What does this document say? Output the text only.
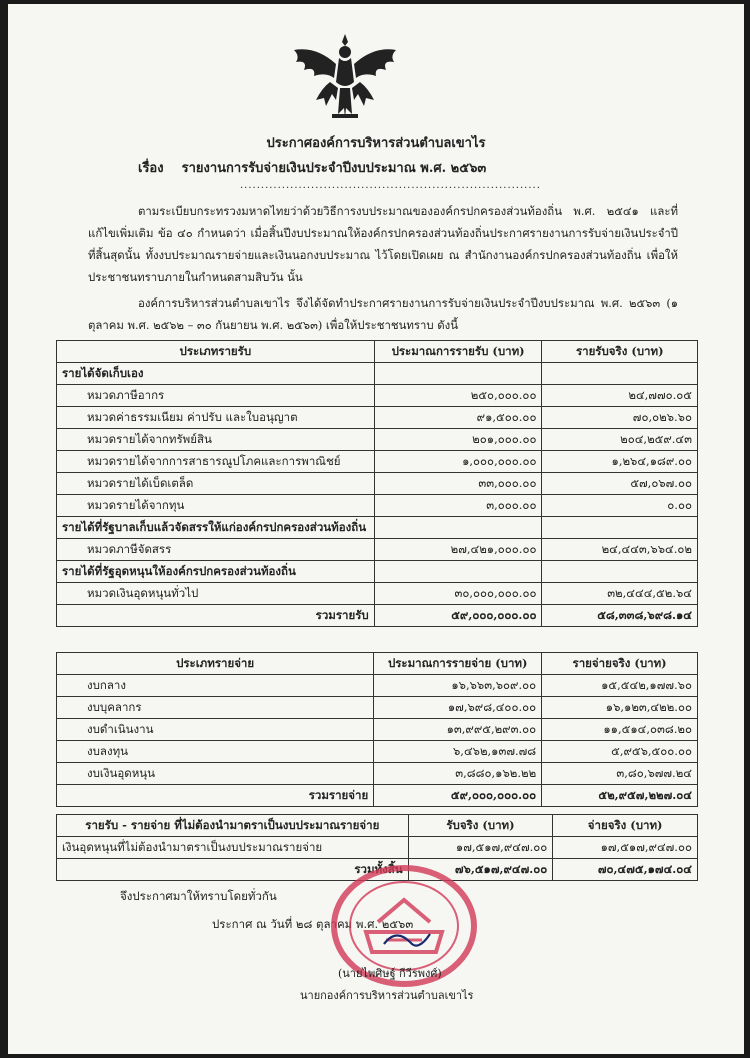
ประกาศองค์การบริหารส่วนตำบลเขาไร
เรื่อง รายงานการรับจ่ายเงินประจำปีงบประมาณ พ.ศ. ๒๕๖๓
........................................................................

ตามระเบียบกระทรวงมหาดไทยว่าด้วยวิธีการงบประมาณขององค์กรปกครองส่วนท้องถิ่น พ.ศ. ๒๕๔๑ และที่แก้ไขเพิ่มเติม ข้อ ๔๐ กำหนดว่า เมื่อสิ้นปีงบประมาณให้องค์กรปกครองส่วนท้องถิ่นประกาศรายงานการรับจ่ายเงินประจำปีที่สิ้นสุดนั้น ทั้งงบประมาณรายจ่ายและเงินนอกงบประมาณ ไว้โดยเปิดเผย ณ สำนักงานองค์กรปกครองส่วนท้องถิ่น เพื่อให้ประชาชนทราบภายในกำหนดสามสิบวัน นั้น

องค์การบริหารส่วนตำบลเขาไร จึงได้จัดทำประกาศรายงานการรับจ่ายเงินประจำปีงบประมาณ พ.ศ. ๒๕๖๓ (๑ ตุลาคม พ.ศ. ๒๕๖๒ – ๓๐ กันยายน พ.ศ. ๒๕๖๓) เพื่อให้ประชาชนทราบ ดังนี้

ประเภทรายรับ	ประมาณการรายรับ (บาท)	รายรับจริง (บาท)
รายได้จัดเก็บเอง		
หมวดภาษีอากร	๒๕๐,๐๐๐.๐๐	๒๔,๗๗๐.๐๕
หมวดค่าธรรมเนียม ค่าปรับ และใบอนุญาต	๙๑,๕๐๐.๐๐	๗๐,๐๒๖.๖๐
หมวดรายได้จากทรัพย์สิน	๒๐๑,๐๐๐.๐๐	๒๐๔,๒๕๙.๔๓
หมวดรายได้จากการสาธารณูปโภคและการพาณิชย์	๑,๐๐๐,๐๐๐.๐๐	๑,๒๖๔,๑๘๙.๐๐
หมวดรายได้เบ็ดเตล็ด	๓๓,๐๐๐.๐๐	๕๗,๐๖๗.๐๐
หมวดรายได้จากทุน	๓,๐๐๐.๐๐	๐.๐๐
รายได้ที่รัฐบาลเก็บแล้วจัดสรรให้แก่องค์กรปกครองส่วนท้องถิ่น		
หมวดภาษีจัดสรร	๒๗,๔๒๑,๐๐๐.๐๐	๒๔,๔๔๓,๖๖๔.๐๒
รายได้ที่รัฐอุดหนุนให้องค์กรปกครองส่วนท้องถิ่น		
หมวดเงินอุดหนุนทั่วไป	๓๐,๐๐๐,๐๐๐.๐๐	๓๒,๔๔๔,๕๒.๖๔
รวมรายรับ	๕๙,๐๐๐,๐๐๐.๐๐	๕๘,๓๓๘,๖๙๘.๑๔
ประเภทรายจ่าย	ประมาณการรายจ่าย (บาท)	รายจ่ายจริง (บาท)
งบกลาง	๑๖,๖๖๓,๖๐๙.๐๐	๑๕,๕๔๒,๑๗๗.๖๐
งบบุคลากร	๑๗,๖๙๘,๔๐๐.๐๐	๑๖,๑๒๓,๔๒๒.๐๐
งบดำเนินงาน	๑๓,๙๙๕,๒๙๓.๐๐	๑๑,๕๑๔,๐๓๘.๒๐
งบลงทุน	๖,๔๖๒,๑๓๗.๗๘	๕,๙๕๖,๕๐๐.๐๐
งบเงินอุดหนุน	๓,๘๘๐,๑๖๒.๒๒	๓,๘๐,๖๗๗.๒๔
รวมรายจ่าย	๕๙,๐๐๐,๐๐๐.๐๐	๕๒,๙๕๗,๒๒๗.๐๔
รายรับ - รายจ่าย ที่ไม่ต้องนำมาตราเป็นงบประมาณรายจ่าย	รับจริง (บาท)	จ่ายจริง (บาท)
เงินอุดหนุนที่ไม่ต้องนำมาตราเป็นงบประมาณรายจ่าย	๑๗,๕๑๗,๙๔๗.๐๐	๑๗,๕๑๗,๙๔๗.๐๐
รวมทั้งสิ้น	๗๖,๕๑๗,๙๔๗.๐๐	๗๐,๔๗๕,๑๗๔.๐๔
จึงประกาศมาให้ทราบโดยทั่วกัน
ประกาศ ณ วันที่ ๒๘ ตุลาคม พ.ศ. ๒๕๖๓
(นายไพศิษฐ์ กีวีรพงศ์)
นายกองค์การบริหารส่วนตำบลเขาไร
